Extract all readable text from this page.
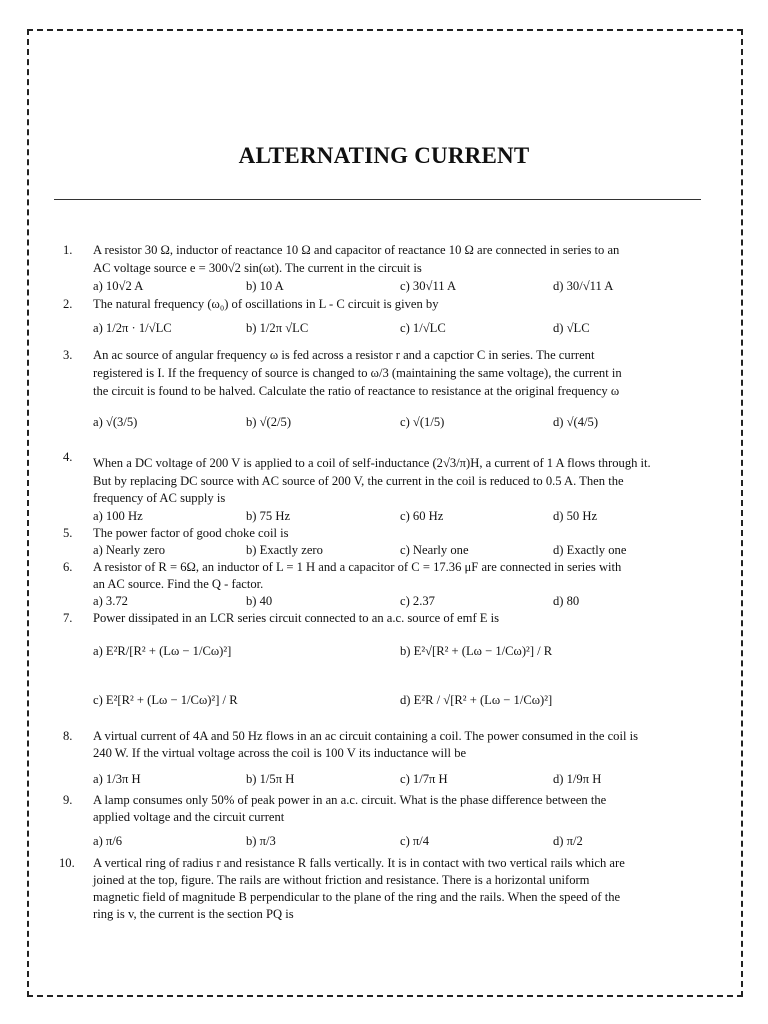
ALTERNATING CURRENT
1. A resistor 30 Ω, inductor of reactance 10 Ω and capacitor of reactance 10 Ω are connected in series to an
AC voltage source e = 300√2 sin(ωt). The current in the circuit is
a) 10√2 A	b) 10 A	c) 30√11 A	d) 30/√11 A
2. The natural frequency (ω₀) of oscillations in L - C circuit is given by
a) 1/2π · 1/√LC	b) 1/2π √LC	c) 1/√LC	d) √LC
3. An ac source of angular frequency ω is fed across a resistor r and a capctior C in series. The current
registered is I. If the frequency of source is changed to ω/3 (maintaining the same voltage), the current in
the circuit is found to be halved. Calculate the ratio of reactance to resistance at the original frequency ω
a) √(3/5)	b) √(2/5)	c) √(1/5)	d) √(4/5)
4. When a DC voltage of 200 V is applied to a coil of self-inductance (2√3/π)H, a current of 1 A flows through it.
But by replacing DC source with AC source of 200 V, the current in the coil is reduced to 0.5 A. Then the
frequency of AC supply is
a) 100 Hz	b) 75 Hz	c) 60 Hz	d) 50 Hz
5. The power factor of good choke coil is
a) Nearly zero	b) Exactly zero	c) Nearly one	d) Exactly one
6. A resistor of R = 6Ω, an inductor of L = 1 H and a capacitor of C = 17.36 μF are connected in series with
an AC source. Find the Q - factor.
a) 3.72	b) 40	c) 2.37	d) 80
7. Power dissipated in an LCR series circuit connected to an a.c. source of emf E is
a) E²R/[R² + (Lω − 1/Cω)²]	b) E²√[R² + (Lω − 1/Cω)²] / R
c) E²[R² + (Lω − 1/Cω)²] / R	d) E²R / √[R² + (Lω − 1/Cω)²]
8. A virtual current of 4A and 50 Hz flows in an ac circuit containing a coil. The power consumed in the coil is
240 W. If the virtual voltage across the coil is 100 V its inductance will be
a) 1/3π H	b) 1/5π H	c) 1/7π H	d) 1/9π H
9. A lamp consumes only 50% of peak power in an a.c. circuit. What is the phase difference between the
applied voltage and the circuit current
a) π/6	b) π/3	c) π/4	d) π/2
10. A vertical ring of radius r and resistance R falls vertically. It is in contact with two vertical rails which are
joined at the top, figure. The rails are without friction and resistance. There is a horizontal uniform
magnetic field of magnitude B perpendicular to the plane of the ring and the rails. When the speed of the
ring is v, the current is the section PQ is
